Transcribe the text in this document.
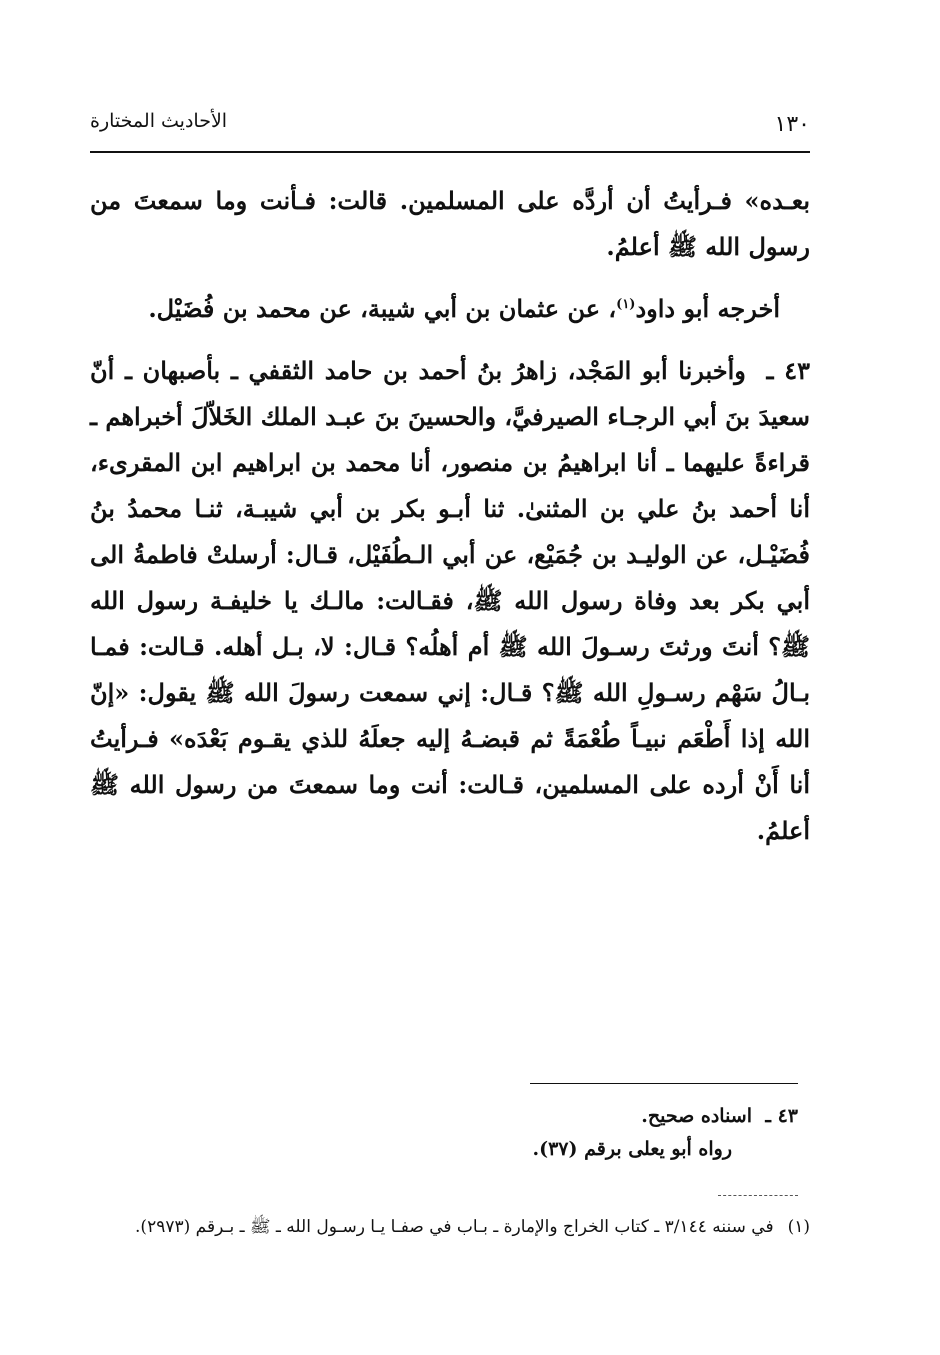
١٣٠
الأحاديث المختارة

بعـده» فـرأيتُ أن أردَّه على المسلمين. قالت: فـأنت وما سمعتَ من رسول الله ﷺ أعلمُ.

أخرجه أبو داود$^{(١)}$، عن عثمان بن أبي شيبة، عن محمد بن فُضَيْل.

٤٣ ـ وأخبرنا أبو المَجْد، زاهرُ بنُ أحمد بن حامد الثقفي ـ بأصبهان ـ أنّ سعيدَ بنَ أبي الرجـاء الصيرفيَّ، والحسينَ بنَ عبـد الملك الخَلاّلَ أخبراهم ـ قراءةً عليهما ـ أنا ابراهيمُ بن منصور، أنا محمد بن ابراهيم ابن المقرىء، أنا أحمد بنُ علي بن المثنىٰ. ثنا أبـو بكر بن أبي شيبـة، ثنـا محمدُ بنُ فُضَيْـل، عن الوليـد بن جُمَيْع، عن أبي الـطُفَيْل، قـال: أرسلتْ فاطمةُ الى أبي بكر بعد وفاة رسول الله ﷺ، فقـالت: مالـك يا خليفـة رسول الله ﷺ؟ أنتَ ورثتَ رسـولَ الله ﷺ أم أهلُه؟ قـال: لا، بـل أهله. قـالت: فمـا بـالُ سَهْم رسـولِ الله ﷺ؟ قـال: إني سمعت رسولَ الله ﷺ يقول: «إنّ الله إذا أَطْعَم نبيـاً طُعْمَةً ثم قبضـهُ إليه جعلَهُ للذي يقـوم بَعْدَه» فـرأيتُ أنا أَنْ أرده على المسلمين، قـالت: أنت وما سمعتَ من رسول الله ﷺ أعلمُ.

٤٣ ـاسناده صحيح.
رواه أبو يعلى برقم (٣٧).
(١)في سننه ٣/١٤٤ ـ كتاب الخراج والإمارة ـ بـاب في صفـا يـا رسـول الله ـ ﷺ ـ بـرقم (٢٩٧٣).
